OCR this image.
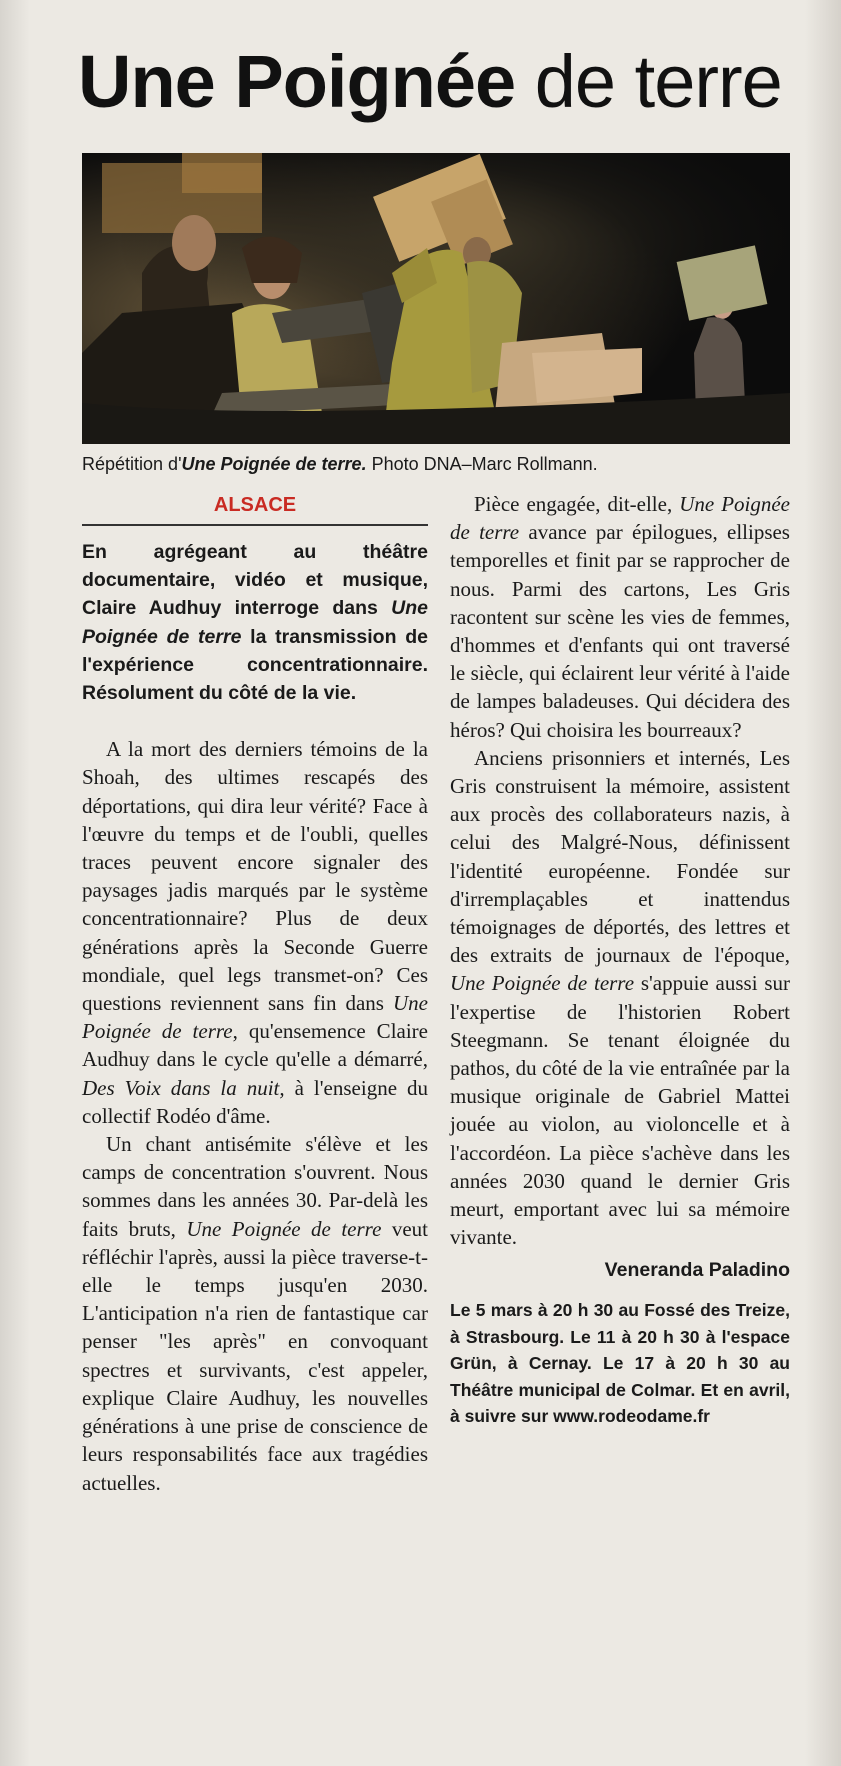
Une Poignée de terre
Répétition d'Une Poignée de terre. Photo DNA–Marc Rollmann.
ALSACE

En agrégeant au théâtre documentaire, vidéo et musique, Claire Audhuy interroge dans Une Poignée de terre la transmission de l'expérience concentrationnaire. Résolument du côté de la vie.

A la mort des derniers témoins de la Shoah, des ultimes rescapés des déportations, qui dira leur vérité? Face à l'œuvre du temps et de l'oubli, quelles traces peuvent encore signaler des paysages jadis marqués par le système concentrationnaire? Plus de deux générations après la Seconde Guerre mondiale, quel legs transmet-on? Ces questions reviennent sans fin dans Une Poignée de terre, qu'ensemence Claire Audhuy dans le cycle qu'elle a démarré, Des Voix dans la nuit, à l'enseigne du collectif Rodéo d'âme.

Un chant antisémite s'élève et les camps de concentration s'ouvrent. Nous sommes dans les années 30. Par-delà les faits bruts, Une Poignée de terre veut réfléchir l'après, aussi la pièce traverse-t-elle le temps jusqu'en 2030. L'anticipation n'a rien de fantastique car penser "les après" en convoquant spectres et survivants, c'est appeler, explique Claire Audhuy, les nouvelles générations à une prise de conscience de leurs responsabilités face aux tragédies actuelles.

Pièce engagée, dit-elle, Une Poignée de terre avance par épilogues, ellipses temporelles et finit par se rapprocher de nous. Parmi des cartons, Les Gris racontent sur scène les vies de femmes, d'hommes et d'enfants qui ont traversé le siècle, qui éclairent leur vérité à l'aide de lampes baladeuses. Qui décidera des héros? Qui choisira les bourreaux?

Anciens prisonniers et internés, Les Gris construisent la mémoire, assistent aux procès des collaborateurs nazis, à celui des Malgré-Nous, définissent l'identité européenne. Fondée sur d'irremplaçables et inattendus témoignages de déportés, des lettres et des extraits de journaux de l'époque, Une Poignée de terre s'appuie aussi sur l'expertise de l'historien Robert Steegmann. Se tenant éloignée du pathos, du côté de la vie entraînée par la musique originale de Gabriel Mattei jouée au violon, au violoncelle et à l'accordéon. La pièce s'achève dans les années 2030 quand le dernier Gris meurt, emportant avec lui sa mémoire vivante.

Veneranda Paladino

Le 5 mars à 20 h 30 au Fossé des Treize, à Strasbourg. Le 11 à 20 h 30 à l'espace Grün, à Cernay. Le 17 à 20 h 30 au Théâtre municipal de Colmar. Et en avril, à suivre sur www.rodeodame.fr
